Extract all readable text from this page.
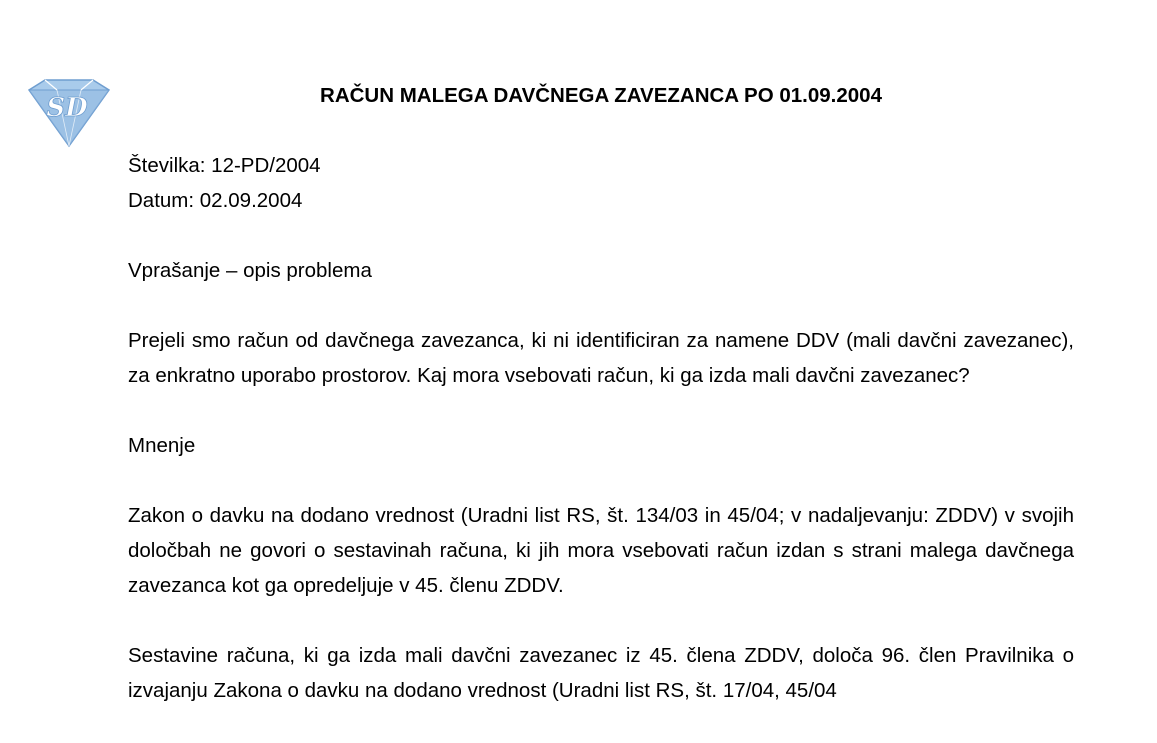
SD	RAČUN MALEGA DAVČNEGA ZAVEZANCA PO 01.09.2004

Številka: 12-PD/2004
Datum: 02.09.2004

Vprašanje – opis problema

Prejeli smo račun od davčnega zavezanca, ki ni identificiran za namene DDV (mali davčni zavezanec), za enkratno uporabo prostorov. Kaj mora vsebovati račun, ki ga izda mali davčni zavezanec?

Mnenje

Zakon o davku na dodano vrednost (Uradni list RS, št. 134/03 in 45/04; v nadaljevanju: ZDDV) v svojih določbah ne govori o sestavinah računa, ki jih mora vsebovati račun izdan s strani malega davčnega zavezanca kot ga opredeljuje v 45. členu ZDDV.

Sestavine računa, ki ga izda mali davčni zavezanec iz 45. člena ZDDV, določa 96. člen Pravilnika o izvajanju Zakona o davku na dodano vrednost (Uradni list RS, št. 17/04, 45/04
